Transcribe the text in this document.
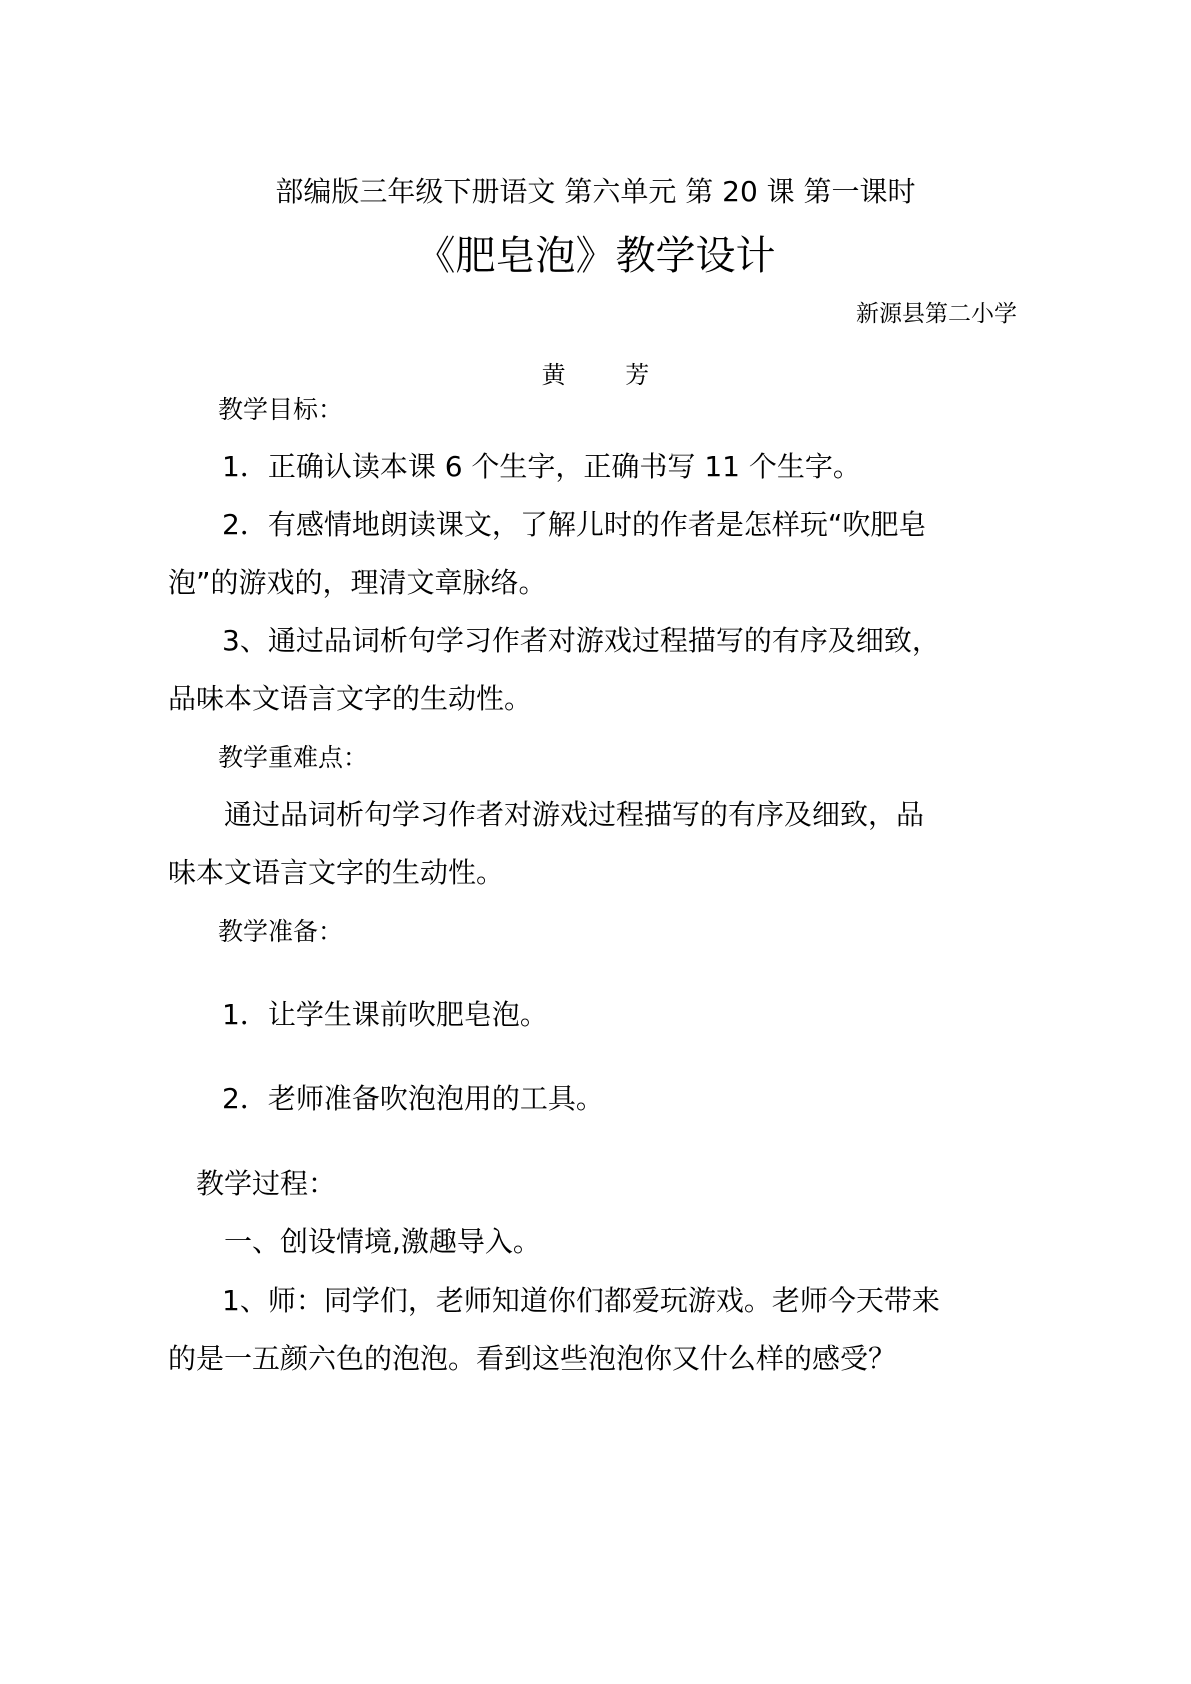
部编版三年级下册语文 第六单元 第 20 课 第一课时
《肥皂泡》教学设计
新源县第二小学
黄 芳
教学目标：
1．正确认读本课 6 个生字，正确书写 11 个生字。
2．有感情地朗读课文，了解儿时的作者是怎样玩“吹肥皂
泡”的游戏的，理清文章脉络。
3、通过品词析句学习作者对游戏过程描写的有序及细致，
品味本文语言文字的生动性。
教学重难点：
通过品词析句学习作者对游戏过程描写的有序及细致，品
味本文语言文字的生动性。
教学准备：
1．让学生课前吹肥皂泡。
2．老师准备吹泡泡用的工具。
教学过程：
一、创设情境,激趣导入。
1、师：同学们，老师知道你们都爱玩游戏。老师今天带来
的是一五颜六色的泡泡。看到这些泡泡你又什么样的感受？
